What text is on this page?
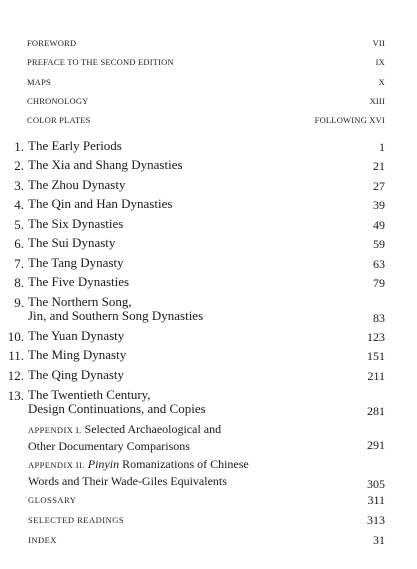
FOREWORD	VII
PREFACE TO THE SECOND EDITION	IX
MAPS	X
CHRONOLOGY	XIII
COLOR PLATES	FOLLOWING XVI
1. The Early Periods	1
2. The Xia and Shang Dynasties	21
3. The Zhou Dynasty	27
4. The Qin and Han Dynasties	39
5. The Six Dynasties	49
6. The Sui Dynasty	59
7. The Tang Dynasty	63
8. The Five Dynasties	79
9. The Northern Song,
Jin, and Southern Song Dynasties	83
10. The Yuan Dynasty	123
11. The Ming Dynasty	151
12. The Qing Dynasty	211
13. The Twentieth Century,
Design Continuations, and Copies	281
APPENDIX I. Selected Archaeological and
Other Documentary Comparisons	291
APPENDIX II. Pinyin Romanizations of Chinese
Words and Their Wade-Giles Equivalents	305
GLOSSARY	311
SELECTED READINGS	313
INDEX	31
